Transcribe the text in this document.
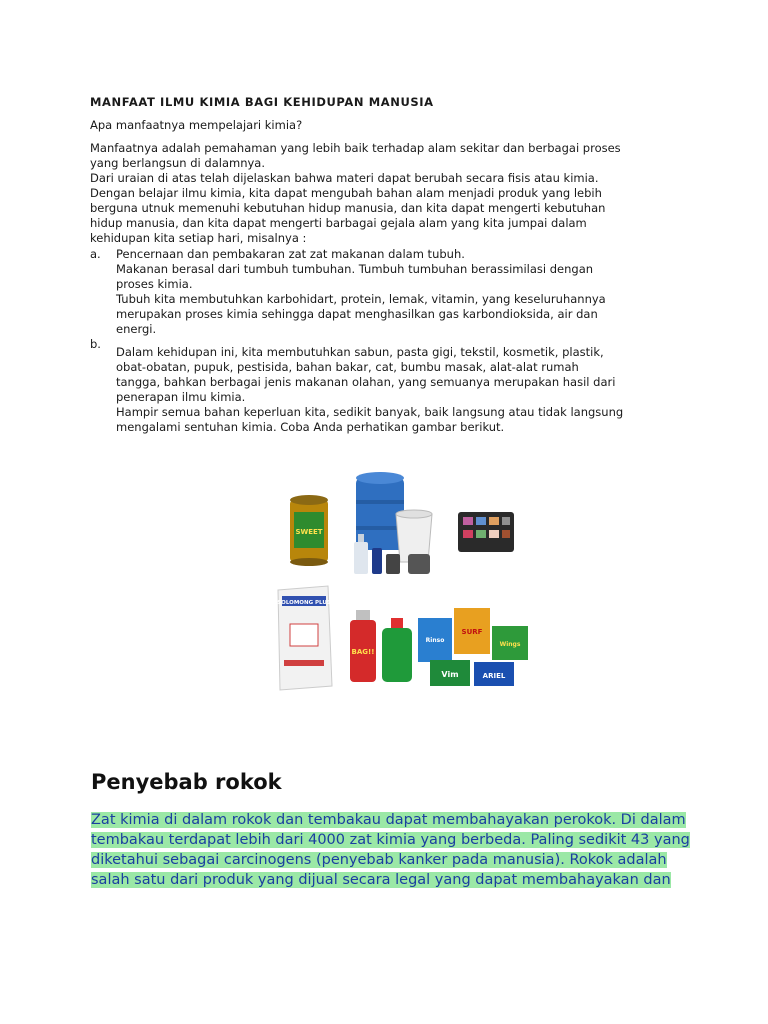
MANFAAT ILMU KIMIA BAGI KEHIDUPAN MANUSIA
Apa manfaatnya mempelajari kimia?
Manfaatnya adalah pemahaman yang lebih baik terhadap alam sekitar dan berbagai proses
yang berlangsun di dalamnya.
Dari uraian di atas telah dijelaskan bahwa materi dapat berubah secara fisis atau kimia.
Dengan belajar ilmu kimia, kita dapat mengubah bahan alam menjadi produk yang lebih
berguna utnuk memenuhi kebutuhan hidup manusia, dan kita dapat mengerti kebutuhan
hidup manusia, dan kita dapat mengerti barbagai gejala alam yang kita jumpai dalam
kehidupan kita setiap hari, misalnya :
a. Pencernaan dan pembakaran zat zat makanan dalam tubuh.
Makanan berasal dari tumbuh tumbuhan. Tumbuh tumbuhan berassimilasi dengan
proses kimia.
Tubuh kita membutuhkan karbohidart, protein, lemak, vitamin, yang keseluruhannya
merupakan proses kimia sehingga dapat menghasilkan gas karbondioksida, air dan
energi.
b.
Dalam kehidupan ini, kita membutuhkan sabun, pasta gigi, tekstil, kosmetik, plastik,
obat-obatan, pupuk, pestisida, bahan bakar, cat, bumbu masak, alat-alat rumah
tangga, bahkan berbagai jenis makanan olahan, yang semuanya merupakan hasil dari
penerapan ilmu kimia.
Hampir semua bahan keperluan kita, sedikit banyak, baik langsung atau tidak langsung
mengalami sentuhan kimia. Coba Anda perhatikan gambar berikut.
SWEET
SOLOMONG PLUS
BAG!!
Rinso
SURF
Wings
Vim	ARIEL
Penyebab rokok
Zat kimia di dalam rokok dan tembakau dapat membahayakan perokok. Di dalam
tembakau terdapat lebih dari 4000 zat kimia yang berbeda. Paling sedikit 43 yang
diketahui sebagai carcinogens (penyebab kanker pada manusia). Rokok adalah
salah satu dari produk yang dijual secara legal yang dapat membahayakan dan
